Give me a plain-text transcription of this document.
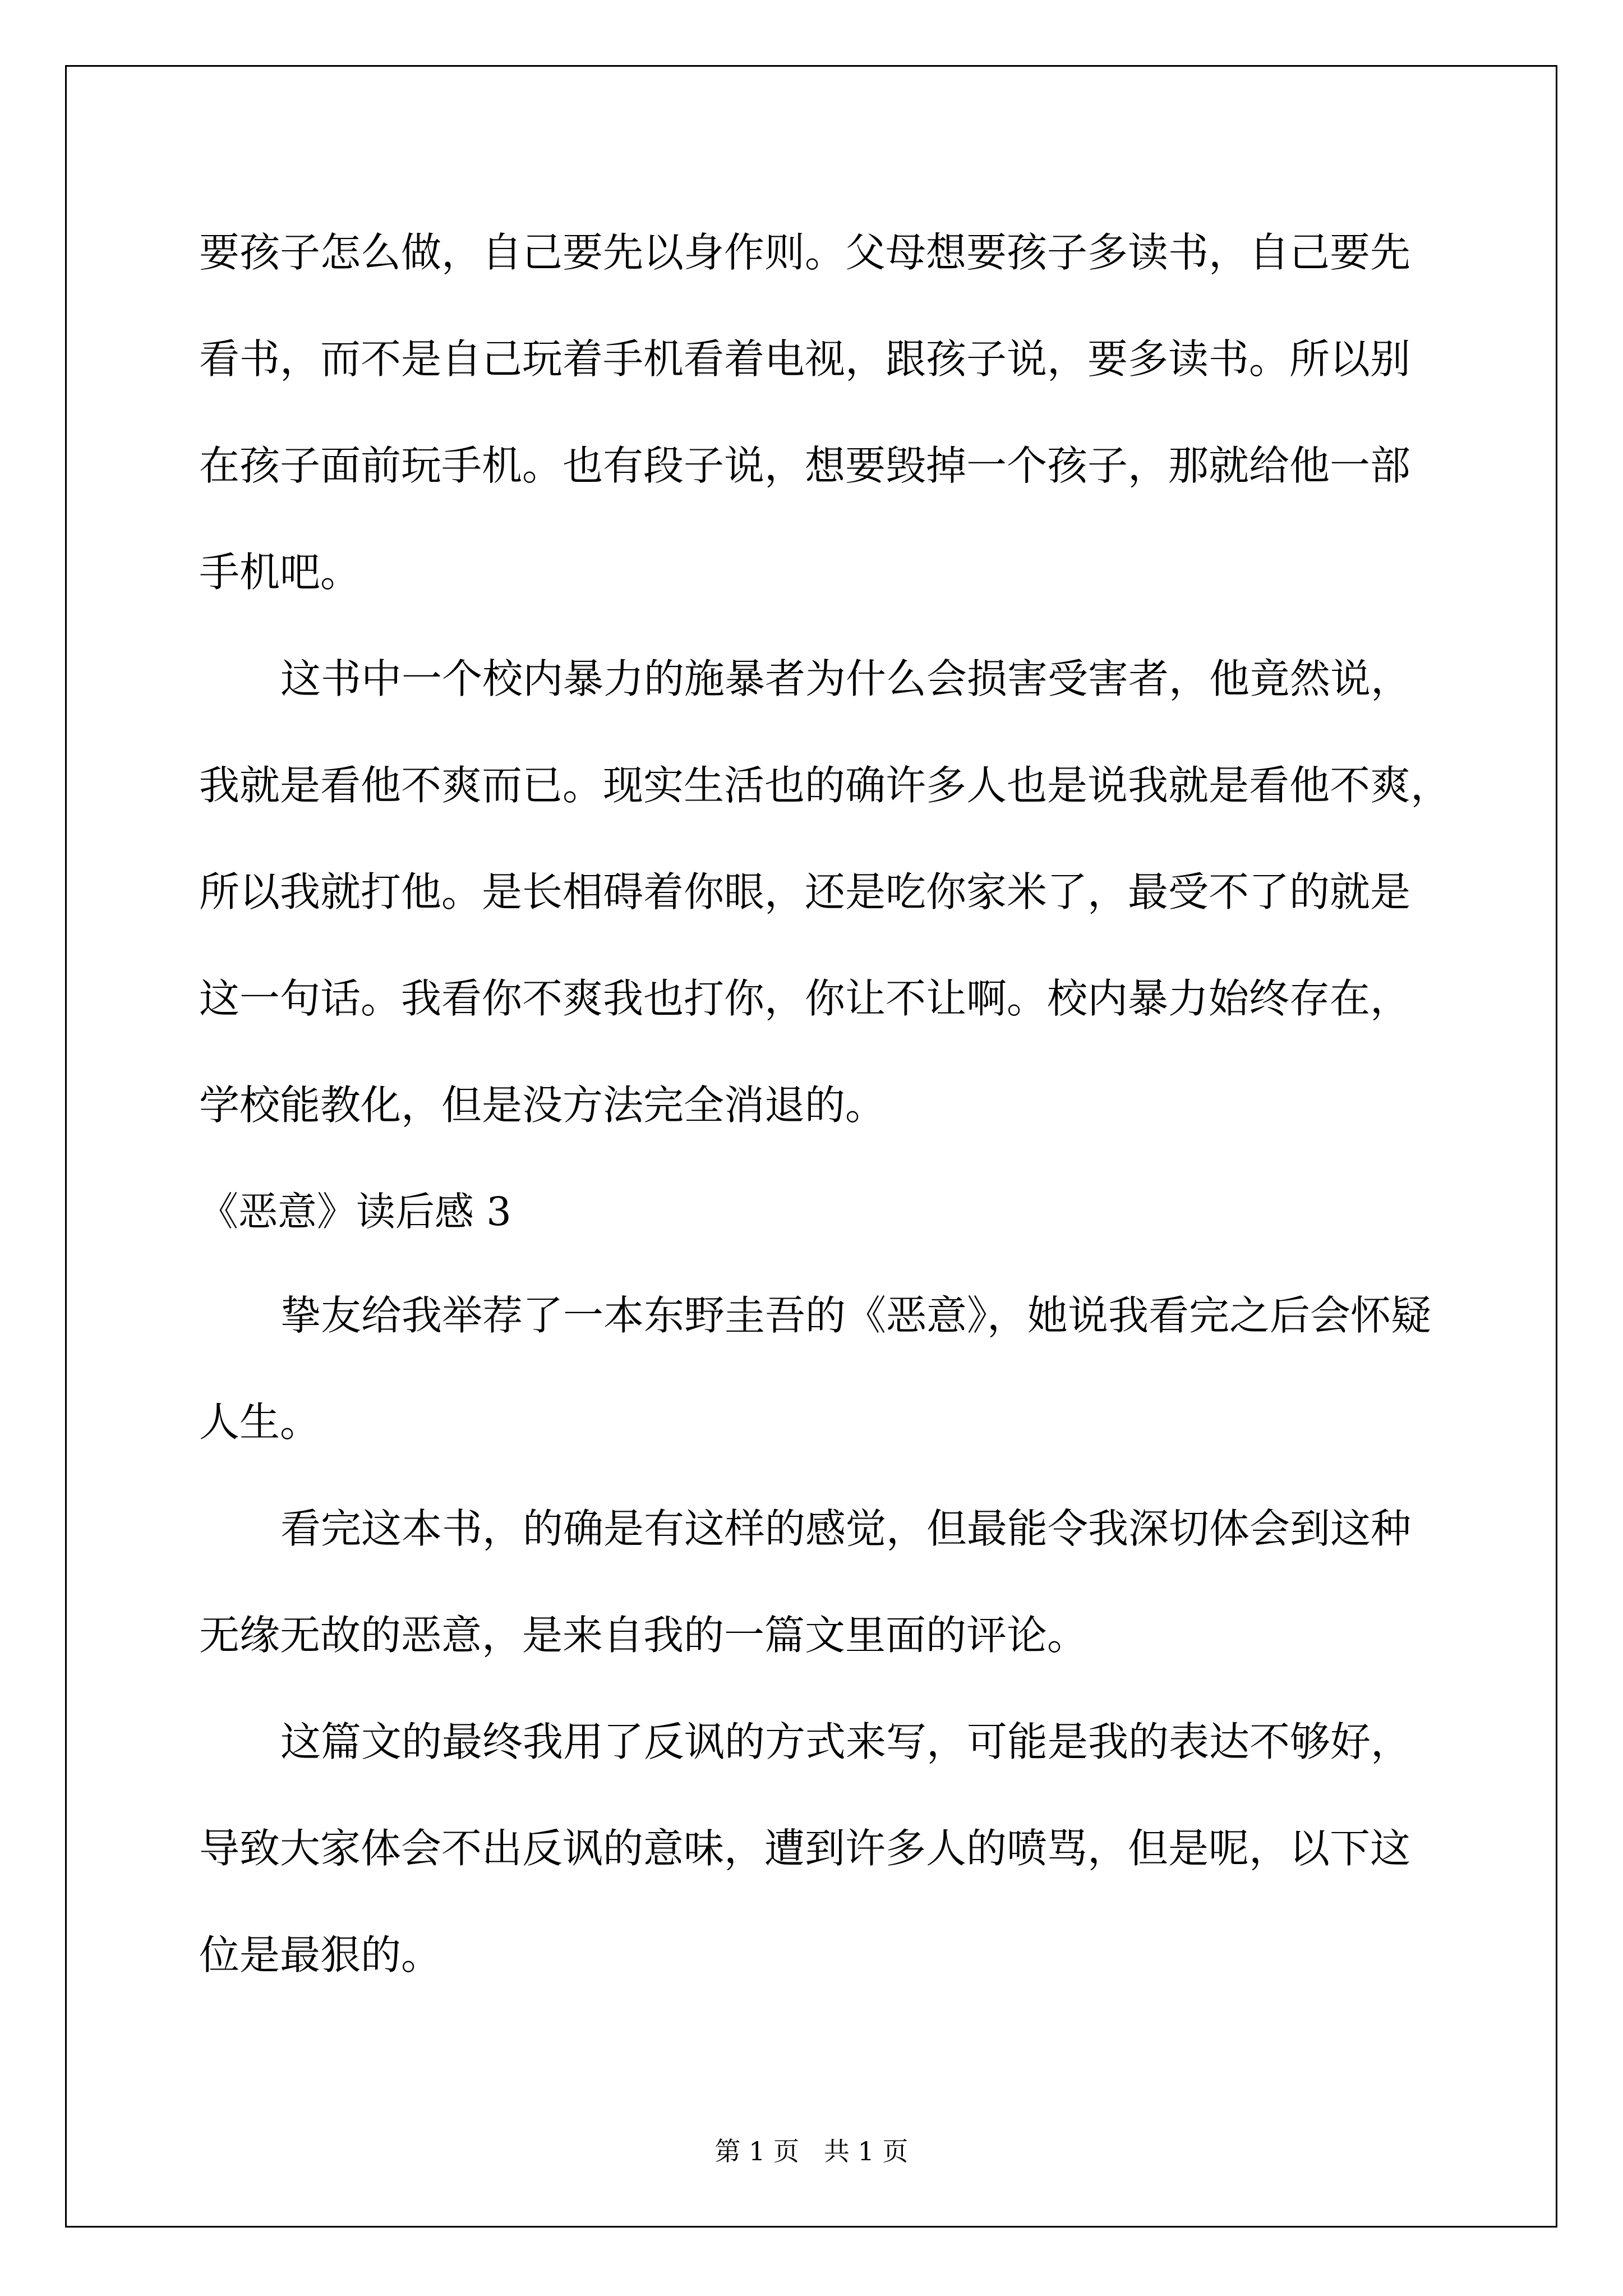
要孩子怎么做，自己要先以身作则。父母想要孩子多读书，自己要先
看书，而不是自己玩着手机看着电视，跟孩子说，要多读书。所以别
在孩子面前玩手机。也有段子说，想要毁掉一个孩子，那就给他一部
手机吧。
这书中一个校内暴力的施暴者为什么会损害受害者，他竟然说，
我就是看他不爽而已。现实生活也的确许多人也是说我就是看他不爽，
所以我就打他。是长相碍着你眼，还是吃你家米了，最受不了的就是
这一句话。我看你不爽我也打你，你让不让啊。校内暴力始终存在，
学校能教化，但是没方法完全消退的。
《恶意》读后感 3
挚友给我举荐了一本东野圭吾的《恶意》，她说我看完之后会怀疑
人生。
看完这本书，的确是有这样的感觉，但最能令我深切体会到这种
无缘无故的恶意，是来自我的一篇文里面的评论。
这篇文的最终我用了反讽的方式来写，可能是我的表达不够好，
导致大家体会不出反讽的意味，遭到许多人的喷骂，但是呢，以下这
位是最狠的。
第 1 页   共 1 页
